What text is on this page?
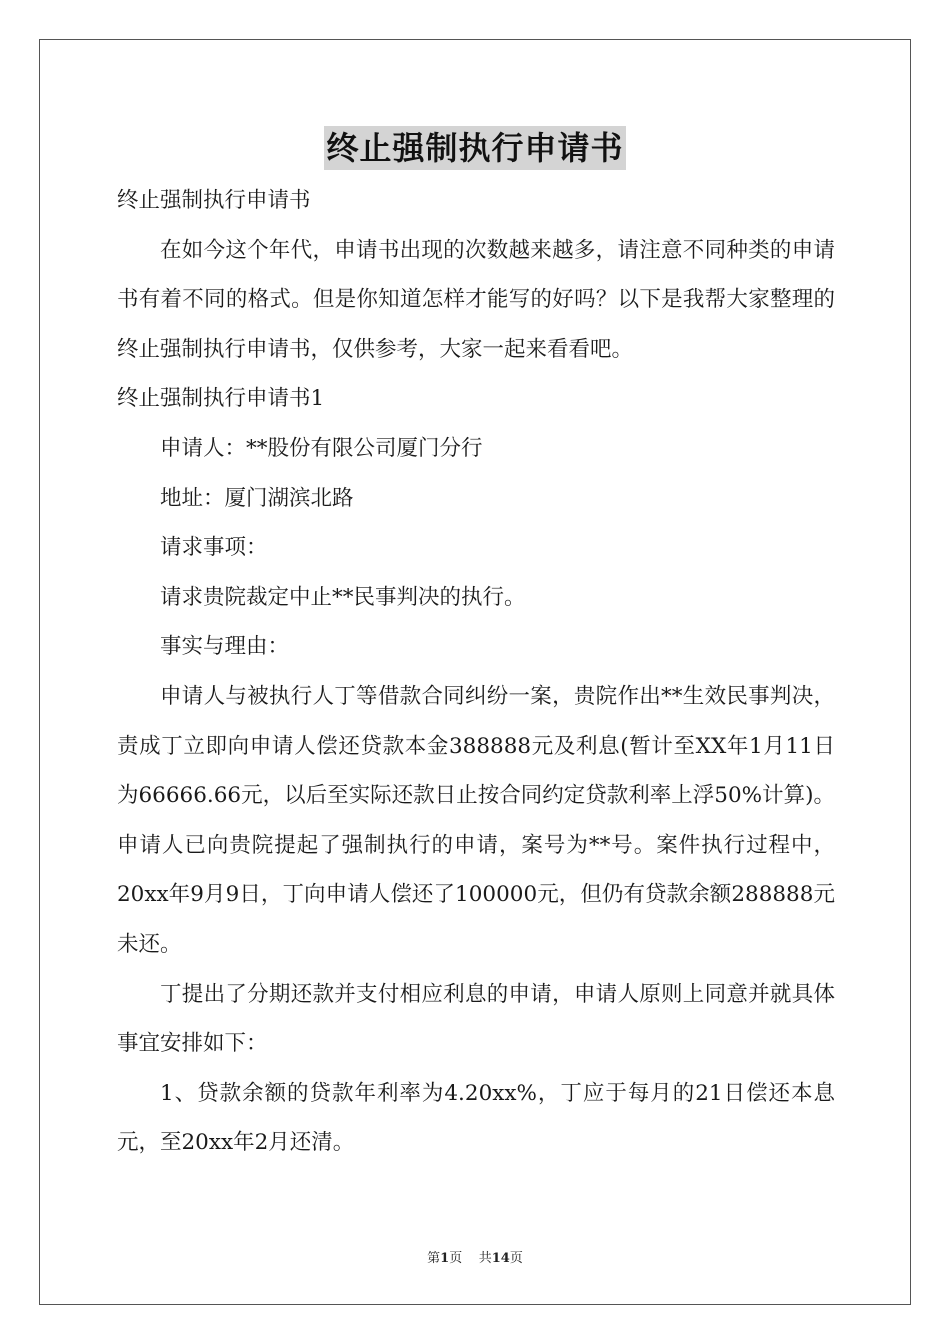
终止强制执行申请书

终止强制执行申请书

在如今这个年代，申请书出现的次数越来越多，请注意不同种类的申请书有着不同的格式。但是你知道怎样才能写的好吗？以下是我帮大家整理的终止强制执行申请书，仅供参考，大家一起来看看吧。

终止强制执行申请书1

申请人：**股份有限公司厦门分行

地址：厦门湖滨北路

请求事项：

请求贵院裁定中止**民事判决的执行。

事实与理由：

申请人与被执行人丁等借款合同纠纷一案，贵院作出**生效民事判决，责成丁立即向申请人偿还贷款本金388888元及利息(暂计至XX年1月11日为66666.66元，以后至实际还款日止按合同约定贷款利率上浮50%计算)。申请人已向贵院提起了强制执行的申请，案号为**号。案件执行过程中，20xx年9月9日，丁向申请人偿还了100000元，但仍有贷款余额288888元未还。

丁提出了分期还款并支付相应利息的申请，申请人原则上同意并就具体事宜安排如下：

1、贷款余额的贷款年利率为4.20xx%，丁应于每月的21日偿还本息 元，至20xx年2月还清。

第1页 共14页
